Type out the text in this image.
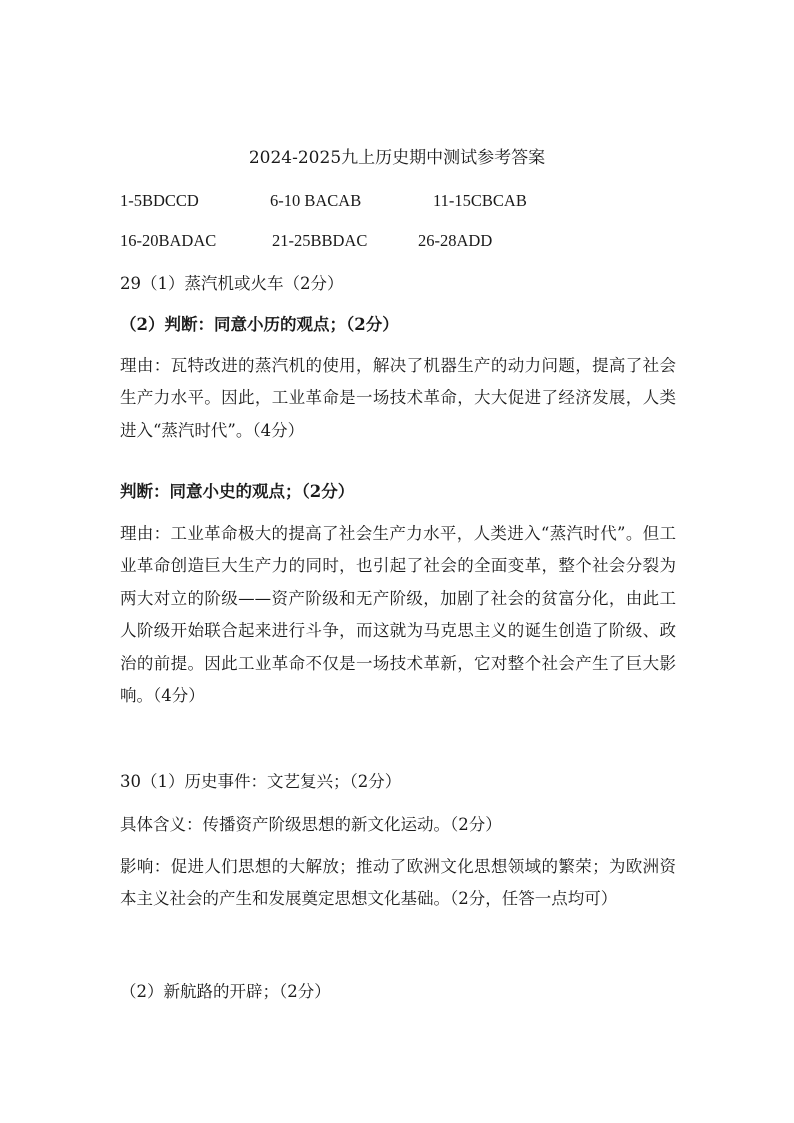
2024-2025九上历史期中测试参考答案
1-5BDCCD	6-10 BACAB	11-15CBCAB
16-20BADAC	21-25BBDAC	26-28ADD
29（1）蒸汽机或火车（2分）
（2）判断：同意小历的观点；（2分）
理由：瓦特改进的蒸汽机的使用，解决了机器生产的动力问题，提高了社会生产力水平。因此，工业革命是一场技术革命，大大促进了经济发展，人类进入“蒸汽时代”。（4分）
判断：同意小史的观点；（2分）
理由：工业革命极大的提高了社会生产力水平，人类进入“蒸汽时代”。但工业革命创造巨大生产力的同时，也引起了社会的全面变革，整个社会分裂为两大对立的阶级——资产阶级和无产阶级，加剧了社会的贫富分化，由此工人阶级开始联合起来进行斗争，而这就为马克思主义的诞生创造了阶级、政治的前提。因此工业革命不仅是一场技术革新，它对整个社会产生了巨大影响。（4分）
30（1）历史事件：文艺复兴；（2分）
具体含义：传播资产阶级思想的新文化运动。（2分）
影响：促进人们思想的大解放；推动了欧洲文化思想领域的繁荣；为欧洲资本主义社会的产生和发展奠定思想文化基础。（2分，任答一点均可）
（2）新航路的开辟；（2分）
